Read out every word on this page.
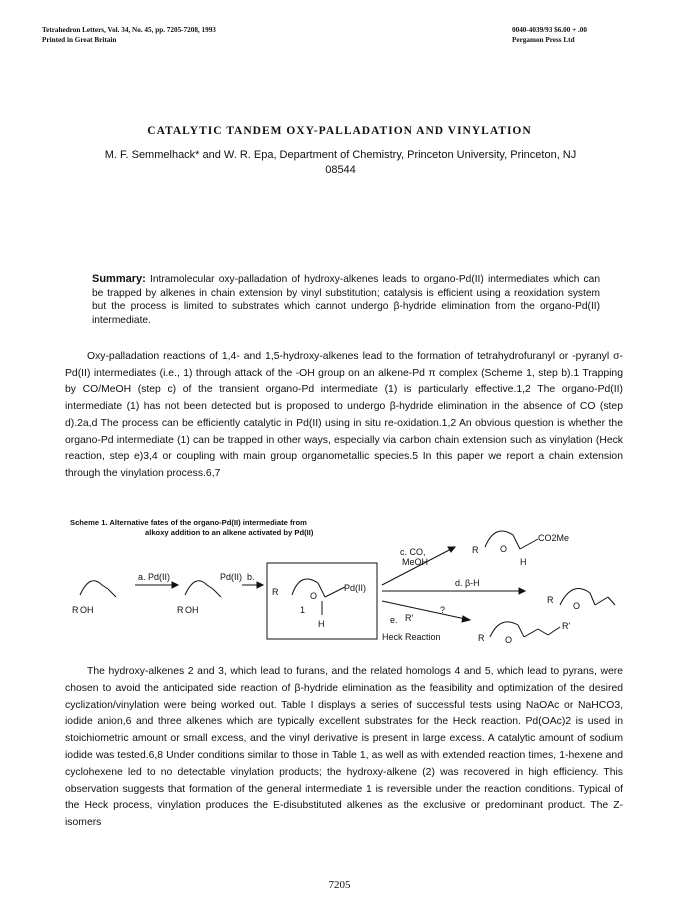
Tetrahedron Letters, Vol. 34, No. 45, pp. 7205-7208, 1993
Printed in Great Britain
0040-4039/93 $6.00 + .00
Pergamon Press Ltd
CATALYTIC TANDEM OXY-PALLADATION AND VINYLATION
M. F. Semmelhack* and W. R. Epa, Department of Chemistry, Princeton University, Princeton, NJ
08544
Summary: Intramolecular oxy-palladation of hydroxy-alkenes leads to organo-Pd(II) intermediates which can be trapped by alkenes in chain extension by vinyl substitution; catalysis is efficient using a reoxidation system but the process is limited to substrates which cannot undergo β-hydride elimination from the organo-Pd(II) intermediate.

Oxy-palladation reactions of 1,4- and 1,5-hydroxy-alkenes lead to the formation of tetrahydrofuranyl or -pyranyl σ-Pd(II) intermediates (i.e., 1) through attack of the -OH group on an alkene-Pd π complex (Scheme 1, step b).1 Trapping by CO/MeOH (step c) of the transient organo-Pd intermediate (1) is particularly effective.1,2 The organo-Pd(II) intermediate (1) has not been detected but is proposed to undergo β-hydride elimination in the absence of CO (step d).2a,d The process can be efficiently catalytic in Pd(II) using in situ re-oxidation.1,2 An obvious question is whether the organo-Pd intermediate (1) can be trapped in other ways, especially via carbon chain extension such as vinylation (Heck reaction, step e)3,4 or coupling with main group organometallic species.5 In this paper we report a chain extension through the vinylation process.6,7

Scheme 1. Alternative fates of the organo-Pd(II) intermediate from
alkoxy addition to an alkene activated by Pd(II)
R OH
a. Pd(II)
R OH
Pd(II) b.
R	O
Pd(II)
1
H
c. CO,
MeOH
R O
CO2Me
H
d. β-H
R
O
e. R'
?
Heck Reaction	R O
R'

The hydroxy-alkenes 2 and 3, which lead to furans, and the related homologs 4 and 5, which lead to pyrans, were chosen to avoid the anticipated side reaction of β-hydride elimination as the feasibility and optimization of the desired cyclization/vinylation were being worked out. Table I displays a series of successful tests using NaOAc or NaHCO3, iodide anion,6 and three alkenes which are typically excellent substrates for the Heck reaction. Pd(OAc)2 is used in stoichiometric amount or small excess, and the vinyl derivative is present in large excess. A catalytic amount of sodium iodide was tested.6,8 Under conditions similar to those in Table 1, as well as with extended reaction times, 1-hexene and cyclohexene led to no detectable vinylation products; the hydroxy-alkene (2) was recovered in high efficiency. This observation suggests that formation of the general intermediate 1 is reversible under the reaction conditions. Typical of the Heck process, vinylation produces the E-disubstituted alkenes as the exclusive or predominant product. The Z-isomers

7205
